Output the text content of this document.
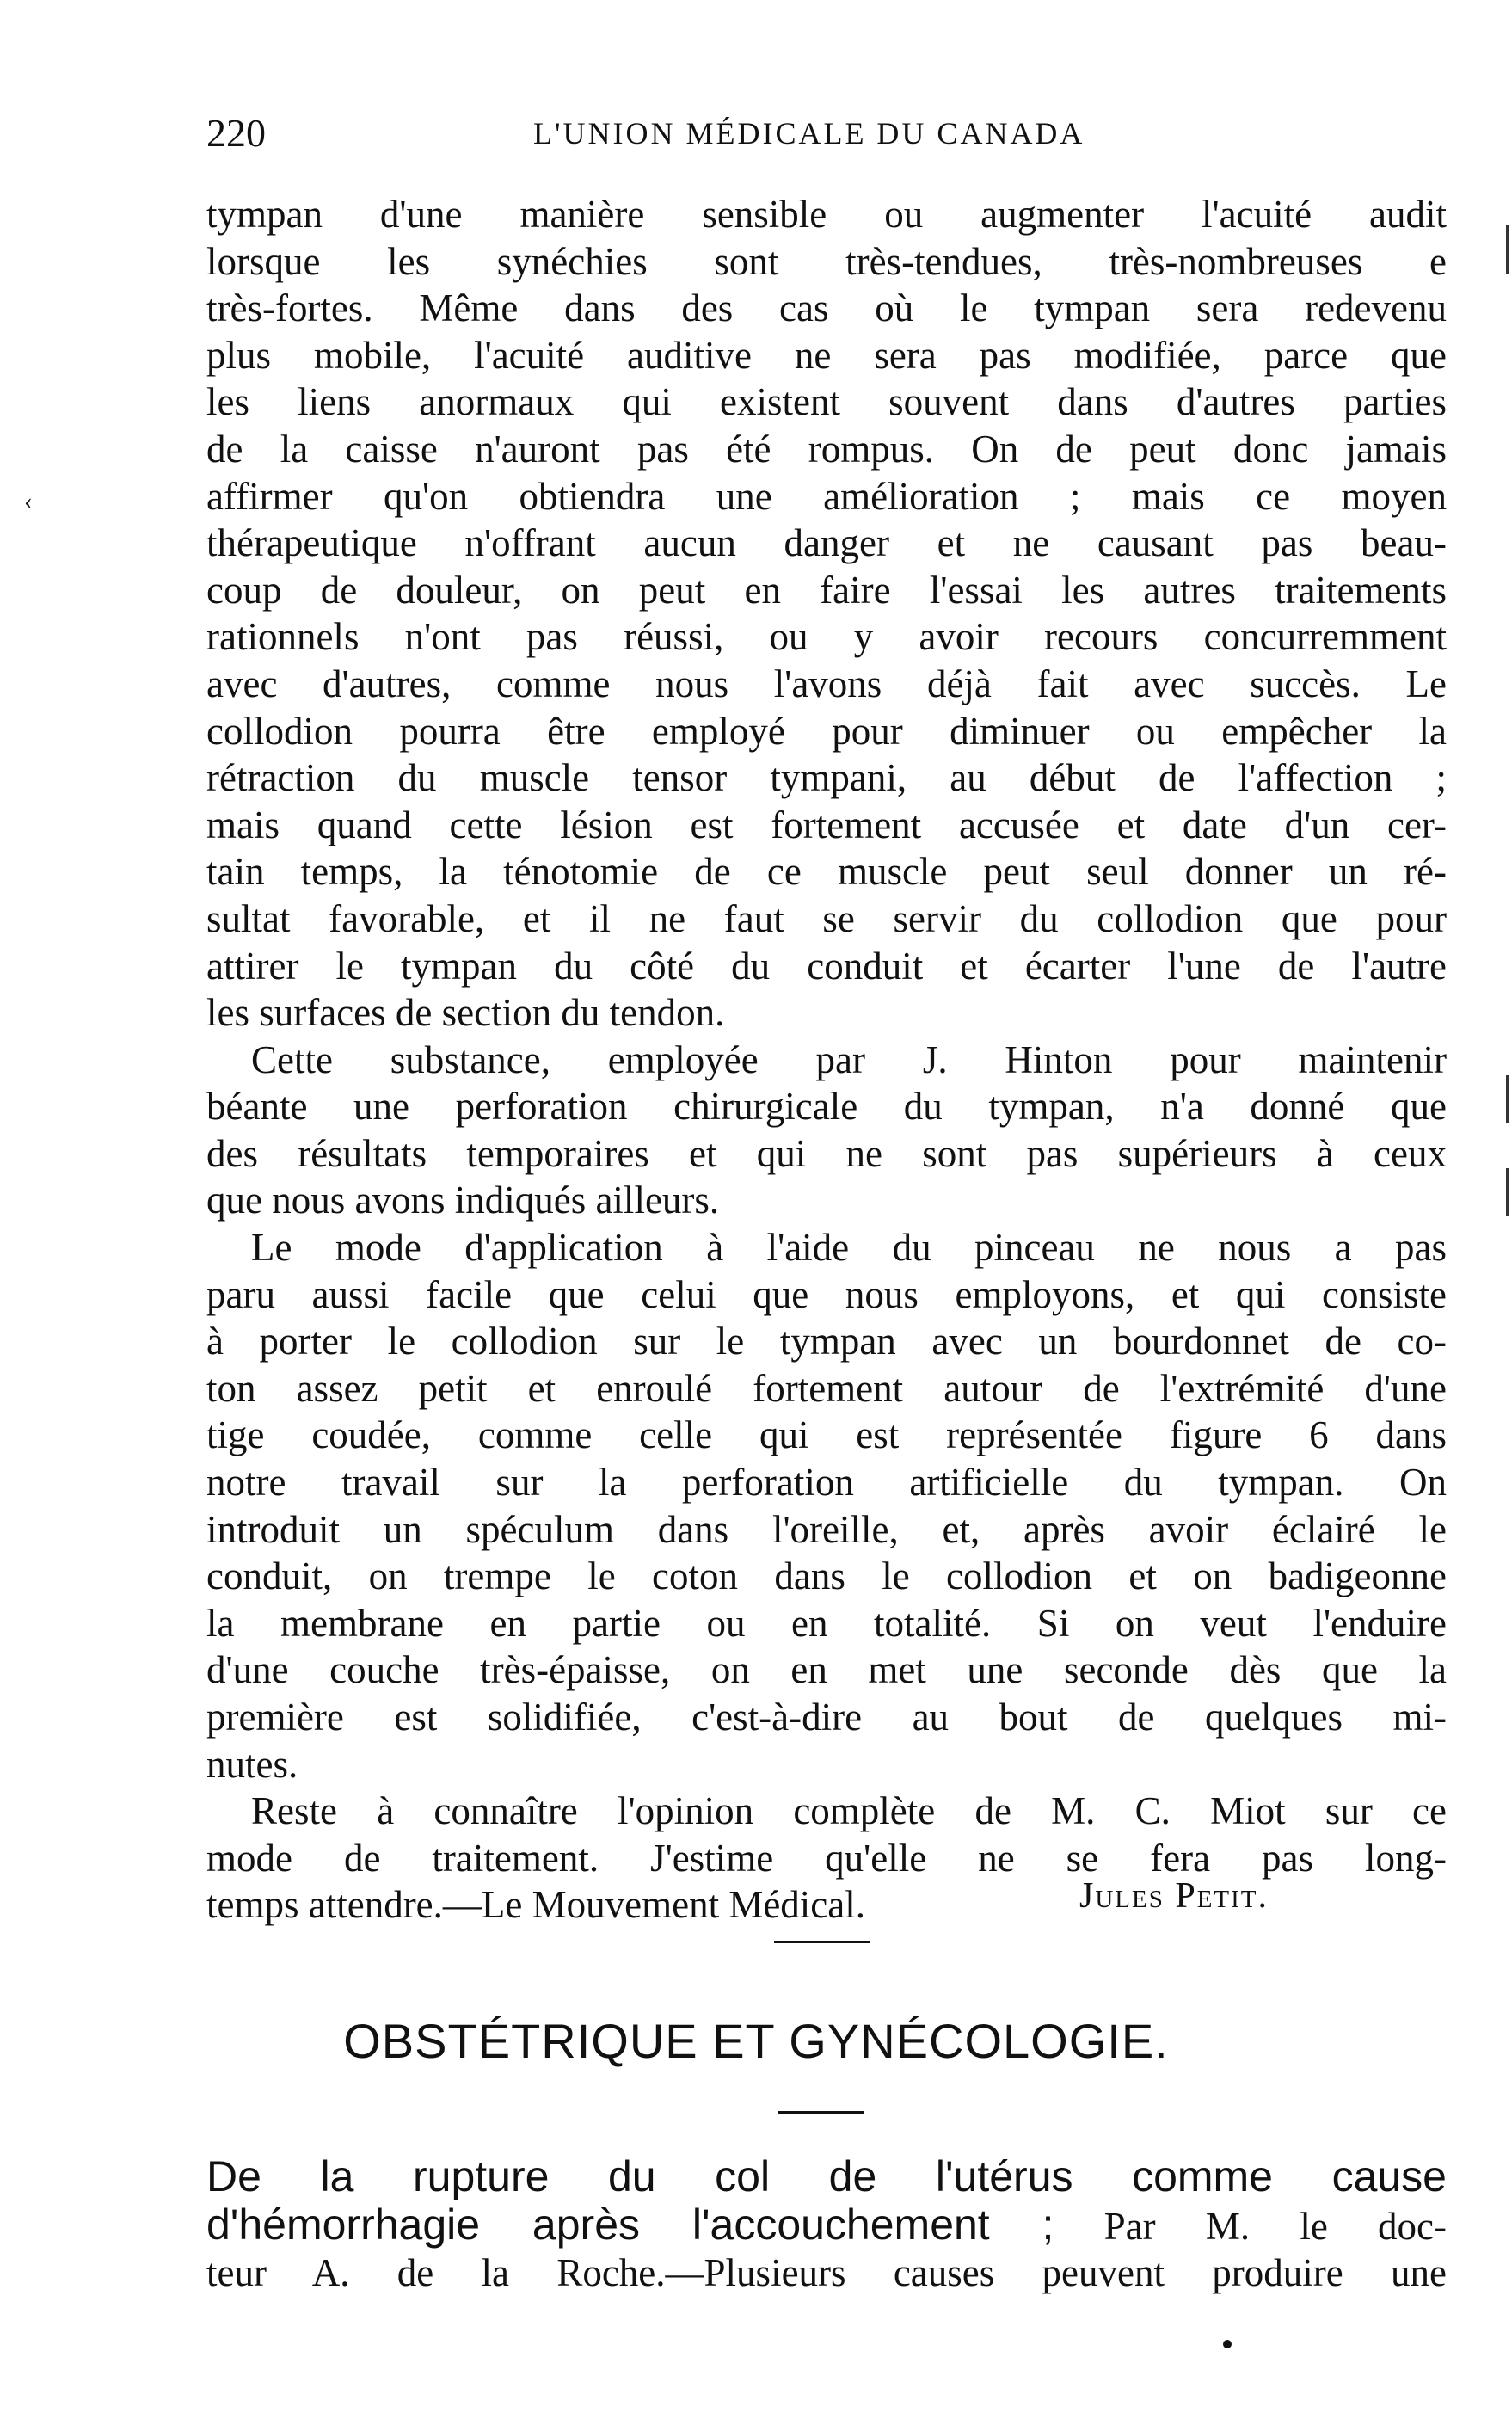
220	L'UNION MÉDICALE DU CANADA
‹
tympan d'une manière sensible ou augmenter l'acuité audit
lorsque les synéchies sont très-tendues, très-nombreuses e
très-fortes. Même dans des cas où le tympan sera redevenu
plus mobile, l'acuité auditive ne sera pas modifiée, parce que
les liens anormaux qui existent souvent dans d'autres parties
de la caisse n'auront pas été rompus. On de peut donc jamais
affirmer qu'on obtiendra une amélioration ; mais ce moyen
thérapeutique n'offrant aucun danger et ne causant pas beau-
coup de douleur, on peut en faire l'essai les autres traitements
rationnels n'ont pas réussi, ou y avoir recours concurremment
avec d'autres, comme nous l'avons déjà fait avec succès. Le
collodion pourra être employé pour diminuer ou empêcher la
rétraction du muscle tensor tympani, au début de l'affection ;
mais quand cette lésion est fortement accusée et date d'un cer-
tain temps, la ténotomie de ce muscle peut seul donner un ré-
sultat favorable, et il ne faut se servir du collodion que pour
attirer le tympan du côté du conduit et écarter l'une de l'autre
les surfaces de section du tendon.
Cette substance, employée par J. Hinton pour maintenir
béante une perforation chirurgicale du tympan, n'a donné que
des résultats temporaires et qui ne sont pas supérieurs à ceux
que nous avons indiqués ailleurs.
Le mode d'application à l'aide du pinceau ne nous a pas
paru aussi facile que celui que nous employons, et qui consiste
à porter le collodion sur le tympan avec un bourdonnet de co-
ton assez petit et enroulé fortement autour de l'extrémité d'une
tige coudée, comme celle qui est représentée figure 6 dans
notre travail sur la perforation artificielle du tympan. On
introduit un spéculum dans l'oreille, et, après avoir éclairé le
conduit, on trempe le coton dans le collodion et on badigeonne
la membrane en partie ou en totalité. Si on veut l'enduire
d'une couche très-épaisse, on en met une seconde dès que la
première est solidifiée, c'est-à-dire au bout de quelques mi-
nutes.
Reste à connaître l'opinion complète de M. C. Miot sur ce
mode de traitement. J'estime qu'elle ne se fera pas long-
temps attendre.—Le Mouvement Médical.	Jules Petit.
OBSTÉTRIQUE ET GYNÉCOLOGIE.
De la rupture du col de l'utérus comme cause
d'hémorrhagie après l'accouchement ; Par M. le doc-
teur A. de la Roche.—Plusieurs causes peuvent produire une
